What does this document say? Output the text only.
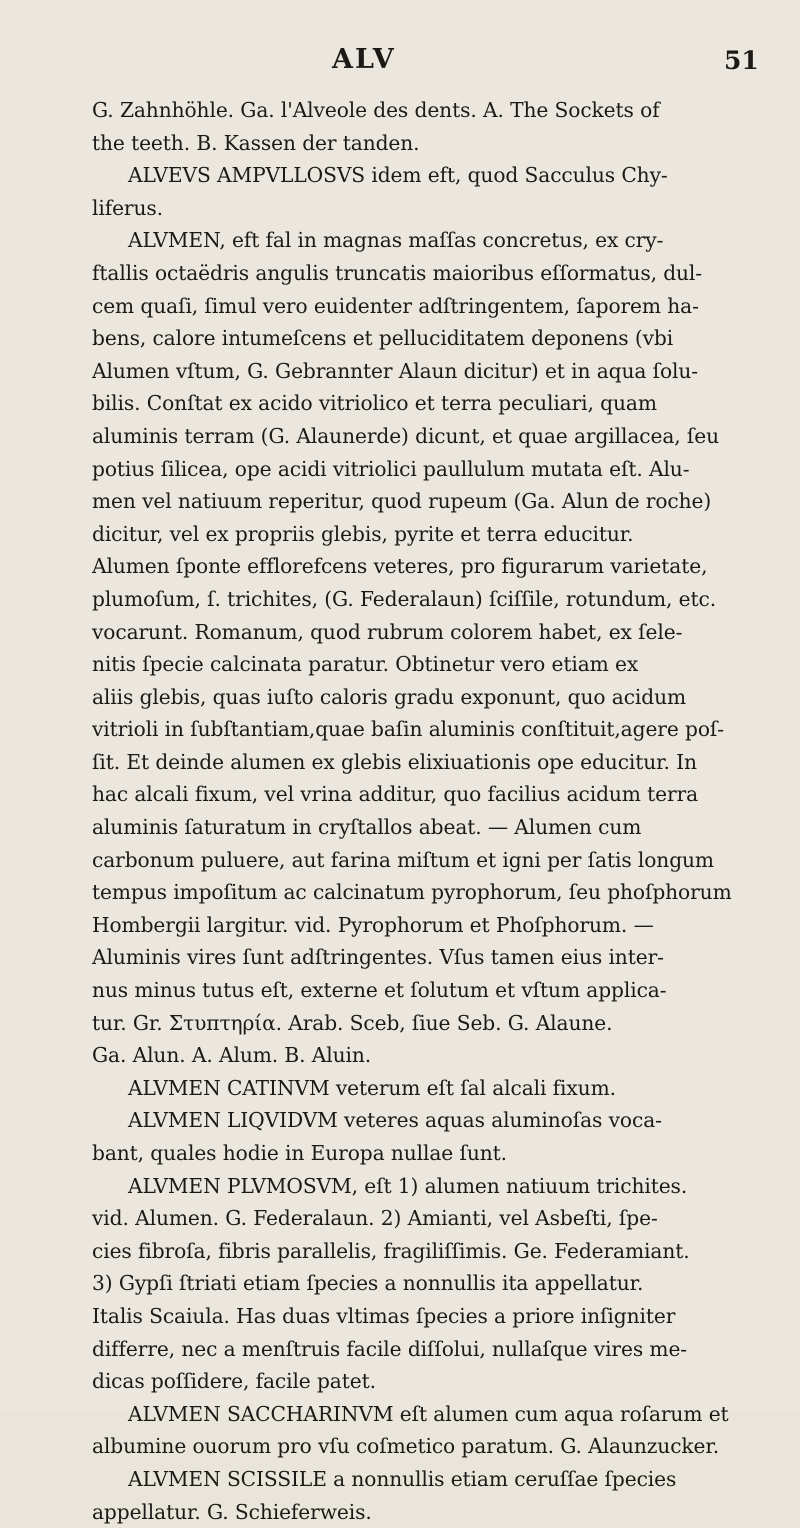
ALV	51
G. Zahnhöhle. Ga. l'Alveole des dents. A. The Sockets of
the teeth. B. Kassen der tanden.
ALVEVS AMPVLLOSVS idem eft, quod Sacculus Chy-
liferus.
ALVMEN, eft fal in magnas maſſas concretus, ex cry-
ftallis octaëdris angulis truncatis maioribus eſſormatus, dul-
cem quaſi, ſimul vero euidenter adſtringentem, ſaporem ha-
bens, calore intumeſcens et pelluciditatem deponens (vbi
Alumen vſtum, G. Gebrannter Alaun dicitur) et in aqua ſolu-
bilis. Conſtat ex acido vitriolico et terra peculiari, quam
aluminis terram (G. Alaunerde) dicunt, et quae argillacea, ſeu
potius ſilicea, ope acidi vitriolici paullulum mutata eſt. Alu-
men vel natiuum reperitur, quod rupeum (Ga. Alun de roche)
dicitur, vel ex propriis glebis, pyrite et terra educitur.
Alumen ſponte efflorefcens veteres, pro figurarum varietate,
plumoſum, ſ. trichites, (G. Federalaun) ſciſſile, rotundum, etc.
vocarunt. Romanum, quod rubrum colorem habet, ex ſele-
nitis ſpecie calcinata paratur. Obtinetur vero etiam ex
aliis glebis, quas iuſto caloris gradu exponunt, quo acidum
vitrioli in ſubſtantiam,quae baſin aluminis conſtituit,agere poſ-
ſit. Et deinde alumen ex glebis elixiuationis ope educitur. In
hac alcali fixum, vel vrina additur, quo facilius acidum terra
aluminis ſaturatum in cryſtallos abeat. — Alumen cum
carbonum puluere, aut farina miſtum et igni per ſatis longum
tempus impoſitum ac calcinatum pyrophorum, ſeu phoſphorum
Hombergii largitur. vid. Pyrophorum et Phoſphorum. —
Aluminis vires ſunt adſtringentes. Vſus tamen eius inter-
nus minus tutus eſt, externe et ſolutum et vſtum applica-
tur. Gr. Στυπτηρία. Arab. Sceb, ſiue Seb. G. Alaune.
Ga. Alun. A. Alum. B. Aluin.
ALVMEN CATINVM veterum eſt ſal alcali fixum.
ALVMEN LIQVIDVM veteres aquas aluminoſas voca-
bant, quales hodie in Europa nullae ſunt.
ALVMEN PLVMOSVM, eſt 1) alumen natiuum trichites.
vid. Alumen. G. Federalaun. 2) Amianti, vel Asbeſti, ſpe-
cies fibroſa, fibris parallelis, fragiliſſimis. Ge. Federamiant.
3) Gypſi ſtriati etiam ſpecies a nonnullis ita appellatur.
Italis Scaiula. Has duas vltimas ſpecies a priore inſigniter
differre, nec a menſtruis facile diſſolui, nullaſque vires me-
dicas poſſidere, facile patet.
ALVMEN SACCHARINVM eſt alumen cum aqua roſarum et
albumine ouorum pro vſu coſmetico paratum. G. Alaunzucker.
ALVMEN SCISSILE a nonnullis etiam ceruſſae ſpecies
appellatur. G. Schieferweis.
